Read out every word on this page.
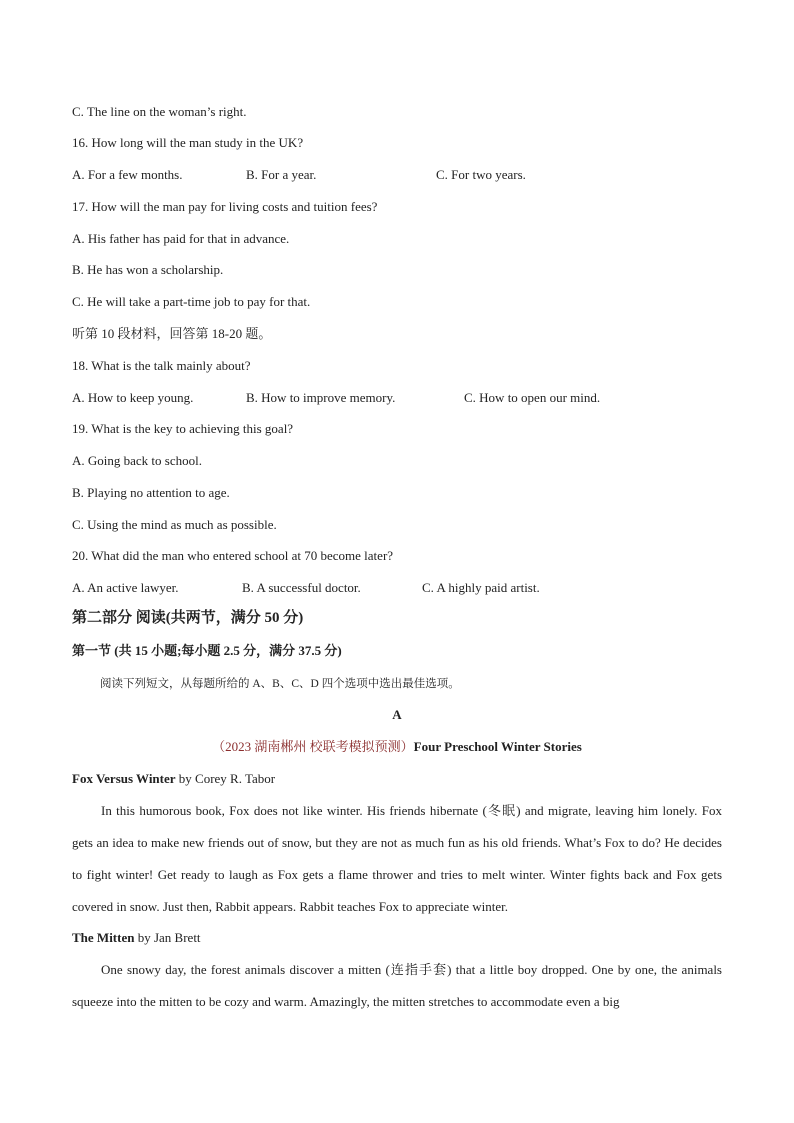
C. The line on the woman’s right.
16. How long will the man study in the UK?
A. For a few months.	B. For a year.	C. For two years.
17. How will the man pay for living costs and tuition fees?
A. His father has paid for that in advance.
B. He has won a scholarship.
C. He will take a part-time job to pay for that.
听第 10 段材料，回答第 18-20 题。
18. What is the talk mainly about?
A. How to keep young.	B. How to improve memory.	C. How to open our mind.
19. What is the key to achieving this goal?
A. Going back to school.
B. Playing no attention to age.
C. Using the mind as much as possible.
20. What did the man who entered school at 70 become later?
A. An active lawyer.	B. A successful doctor.	C. A highly paid artist.
第二部分 阅读(共两节，满分 50 分)
第一节 (共 15 小题;每小题 2.5 分，满分 37.5 分)
阅读下列短文，从每题所给的 A、B、C、D 四个选项中选出最佳选项。
A
（2023 湖南郴州 校联考模拟预测）Four Preschool Winter Stories
Fox Versus Winter by Corey R. Tabor
In this humorous book, Fox does not like winter. His friends hibernate (冬眠) and migrate, leaving him lonely. Fox gets an idea to make new friends out of snow, but they are not as much fun as his old friends. What’s Fox to do? He decides to fight winter! Get ready to laugh as Fox gets a flame thrower and tries to melt winter. Winter fights back and Fox gets covered in snow. Just then, Rabbit appears. Rabbit teaches Fox to appreciate winter.
The Mitten by Jan Brett
One snowy day, the forest animals discover a mitten (连指手套) that a little boy dropped. One by one, the animals squeeze into the mitten to be cozy and warm. Amazingly, the mitten stretches to accommodate even a big
